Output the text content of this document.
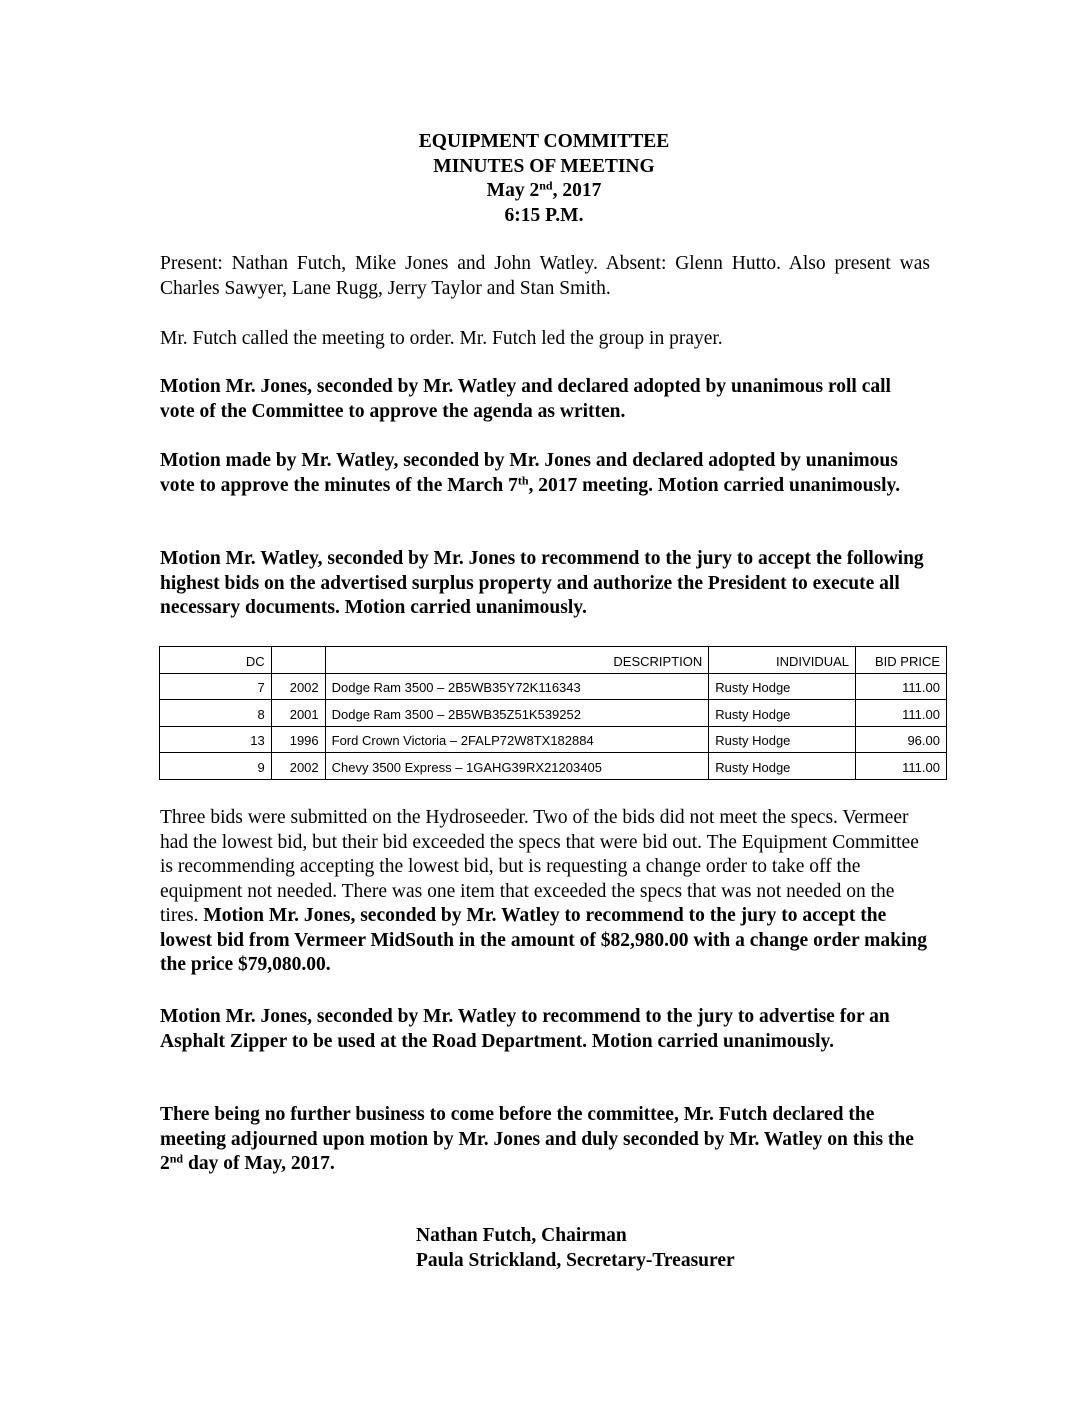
EQUIPMENT COMMITTEE
MINUTES OF MEETING
May 2nd, 2017
6:15 P.M.
Present: Nathan Futch, Mike Jones and John Watley. Absent: Glenn Hutto. Also present was Charles Sawyer, Lane Rugg, Jerry Taylor and Stan Smith.
Mr. Futch called the meeting to order. Mr. Futch led the group in prayer.
Motion Mr. Jones, seconded by Mr. Watley and declared adopted by unanimous roll call vote of the Committee to approve the agenda as written.
Motion made by Mr. Watley, seconded by Mr. Jones and declared adopted by unanimous vote to approve the minutes of the March 7th, 2017 meeting. Motion carried unanimously.
Motion Mr. Watley, seconded by Mr. Jones to recommend to the jury to accept the following highest bids on the advertised surplus property and authorize the President to execute all necessary documents. Motion carried unanimously.
DC		DESCRIPTION	INDIVIDUAL	BID PRICE
7	2002	Dodge Ram 3500 – 2B5WB35Y72K116343	Rusty Hodge	111.00
8	2001	Dodge Ram 3500 – 2B5WB35Z51K539252	Rusty Hodge	111.00
13	1996	Ford Crown Victoria – 2FALP72W8TX182884	Rusty Hodge	96.00
9	2002	Chevy 3500 Express – 1GAHG39RX21203405	Rusty Hodge	111.00
Three bids were submitted on the Hydroseeder. Two of the bids did not meet the specs. Vermeer had the lowest bid, but their bid exceeded the specs that were bid out. The Equipment Committee is recommending accepting the lowest bid, but is requesting a change order to take off the equipment not needed. There was one item that exceeded the specs that was not needed on the tires. Motion Mr. Jones, seconded by Mr. Watley to recommend to the jury to accept the lowest bid from Vermeer MidSouth in the amount of $82,980.00 with a change order making the price $79,080.00.
Motion Mr. Jones, seconded by Mr. Watley to recommend to the jury to advertise for an Asphalt Zipper to be used at the Road Department. Motion carried unanimously.
There being no further business to come before the committee, Mr. Futch declared the meeting adjourned upon motion by Mr. Jones and duly seconded by Mr. Watley on this the 2nd day of May, 2017.
Nathan Futch, Chairman
Paula Strickland, Secretary-Treasurer
